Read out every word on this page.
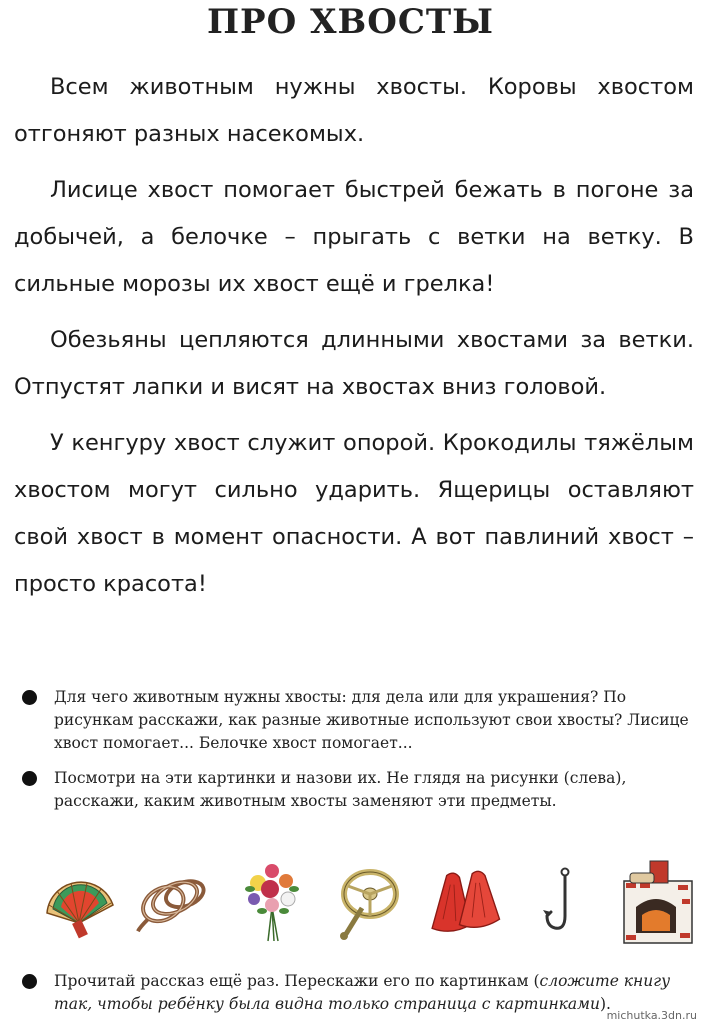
ПРО ХВОСТЫ

Всем животным нужны хвосты. Коровы хвостом отгоняют разных насекомых.

Лисице хвост помогает быстрей бежать в погоне за добычей, а белочке – прыгать с ветки на ветку. В сильные морозы их хвост ещё и грелка!

Обезьяны цепляются длинными хвостами за ветки. Отпустят лапки и висят на хвостах вниз головой.

У кенгуру хвост служит опорой. Крокодилы тяжёлым хвостом могут сильно ударить. Ящерицы оставляют свой хвост в момент опасности. А вот павлиний хвост – просто красота!

Для чего животным нужны хвосты: для дела или для украшения? По рисункам расскажи, как разные животные используют свои хвосты? Лисице хвост помогает... Белочке хвост помогает...
Посмотри на эти картинки и назови их. Не глядя на рисунки (слева), расскажи, каким животным хвосты заменяют эти предметы.
Прочитай рассказ ещё раз. Перескажи его по картинкам (сложите книгу так, чтобы ребёнку была видна только страница с картинками).
michutka.3dn.ru
